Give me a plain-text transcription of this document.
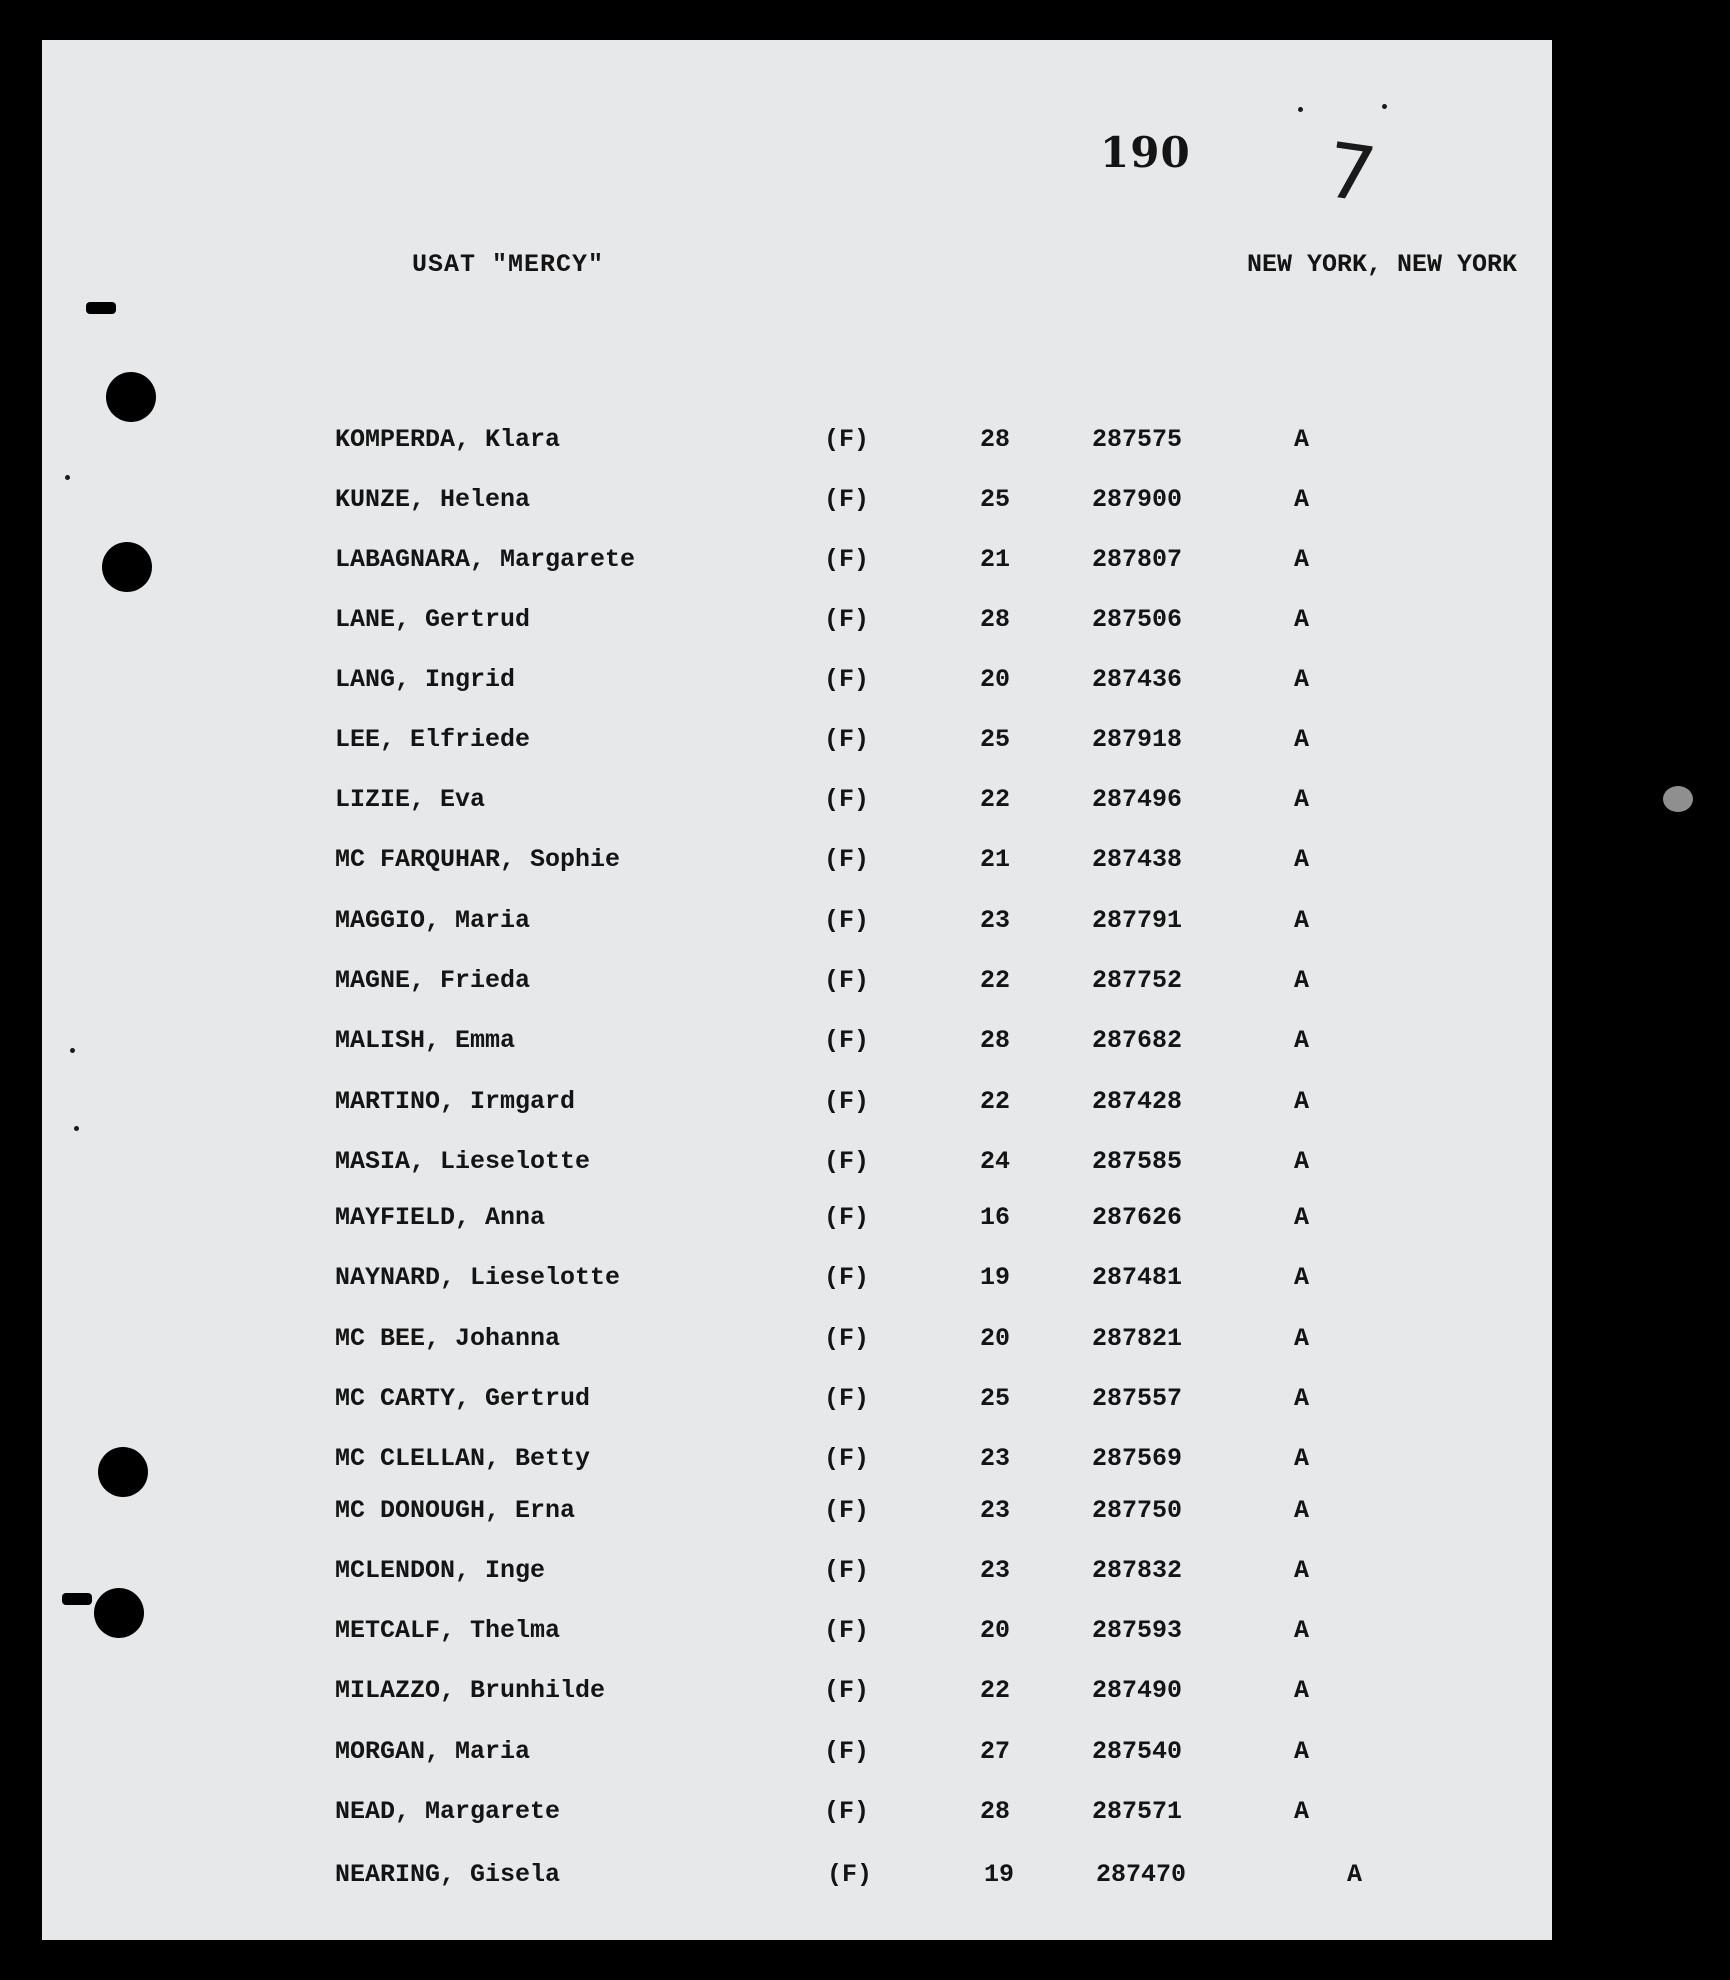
190 7
USAT "MERCY"	NEW YORK, NEW YORK
KOMPERDA, Klara	(F)	28	287575	A
KUNZE, Helena	(F)	25	287900	A
LABAGNARA, Margarete	(F)	21	287807	A
LANE, Gertrud	(F)	28	287506	A
LANG, Ingrid	(F)	20	287436	A
LEE, Elfriede	(F)	25	287918	A
LIZIE, Eva	(F)	22	287496	A
MC FARQUHAR, Sophie	(F)	21	287438	A
MAGGIO, Maria	(F)	23	287791	A
MAGNE, Frieda	(F)	22	287752	A
MALISH, Emma	(F)	28	287682	A
MARTINO, Irmgard	(F)	22	287428	A
MASIA, Lieselotte	(F)	24	287585	A
MAYFIELD, Anna	(F)	16	287626	A
NAYNARD, Lieselotte	(F)	19	287481	A
MC BEE, Johanna	(F)	20	287821	A
MC CARTY, Gertrud	(F)	25	287557	A
MC CLELLAN, Betty	(F)	23	287569	A
MC DONOUGH, Erna	(F)	23	287750	A
MCLENDON, Inge	(F)	23	287832	A
METCALF, Thelma	(F)	20	287593	A
MILAZZO, Brunhilde	(F)	22	287490	A
MORGAN, Maria	(F)	27	287540	A
NEAD, Margarete	(F)	28	287571	A
NEARING, Gisela	(F)	19	287470	A
